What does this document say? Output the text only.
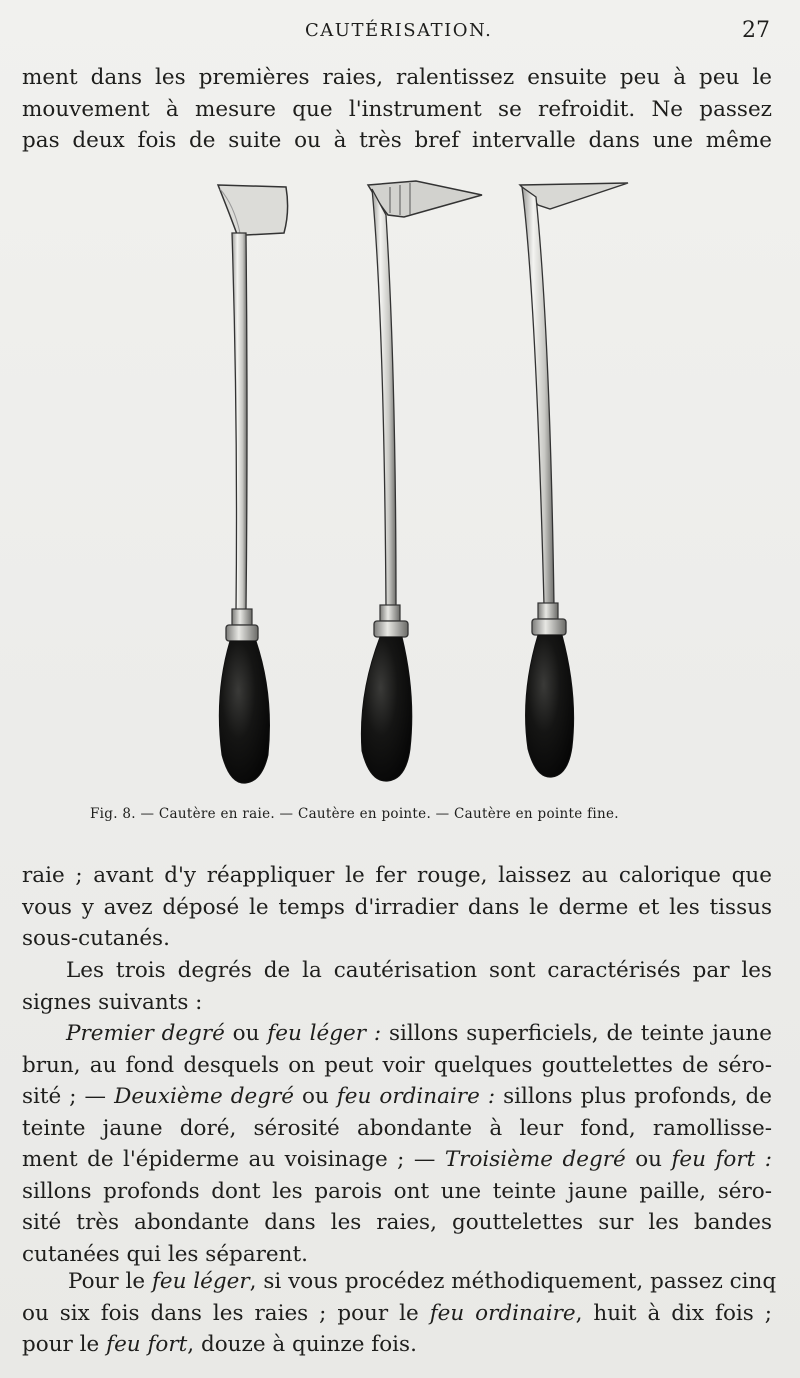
CAUTÉRISATION.	27

ment dans les premières raies, ralentissez ensuite peu à peu le
mouvement à mesure que l'instrument se refroidit. Ne passez
pas deux fois de suite ou à très bref intervalle dans une même

Fig. 8. — Cautère en raie. — Cautère en pointe. — Cautère en pointe fine.

raie ; avant d'y réappliquer le fer rouge, laissez au calorique que
vous y avez déposé le temps d'irradier dans le derme et les tissus
sous-cutanés.

Les trois degrés de la cautérisation sont caractérisés par les
signes suivants :

Premier degré ou feu léger : sillons superficiels, de teinte jaune
brun, au fond desquels on peut voir quelques gouttelettes de séro-
sité ; — Deuxième degré ou feu ordinaire : sillons plus profonds, de
teinte jaune doré, sérosité abondante à leur fond, ramollisse-
ment de l'épiderme au voisinage ; — Troisième degré ou feu fort :
sillons profonds dont les parois ont une teinte jaune paille, séro-
sité très abondante dans les raies, gouttelettes sur les bandes
cutanées qui les séparent.

Pour le feu léger, si vous procédez méthodiquement, passez cinq
ou six fois dans les raies ; pour le feu ordinaire, huit à dix fois ;
pour le feu fort, douze à quinze fois.
